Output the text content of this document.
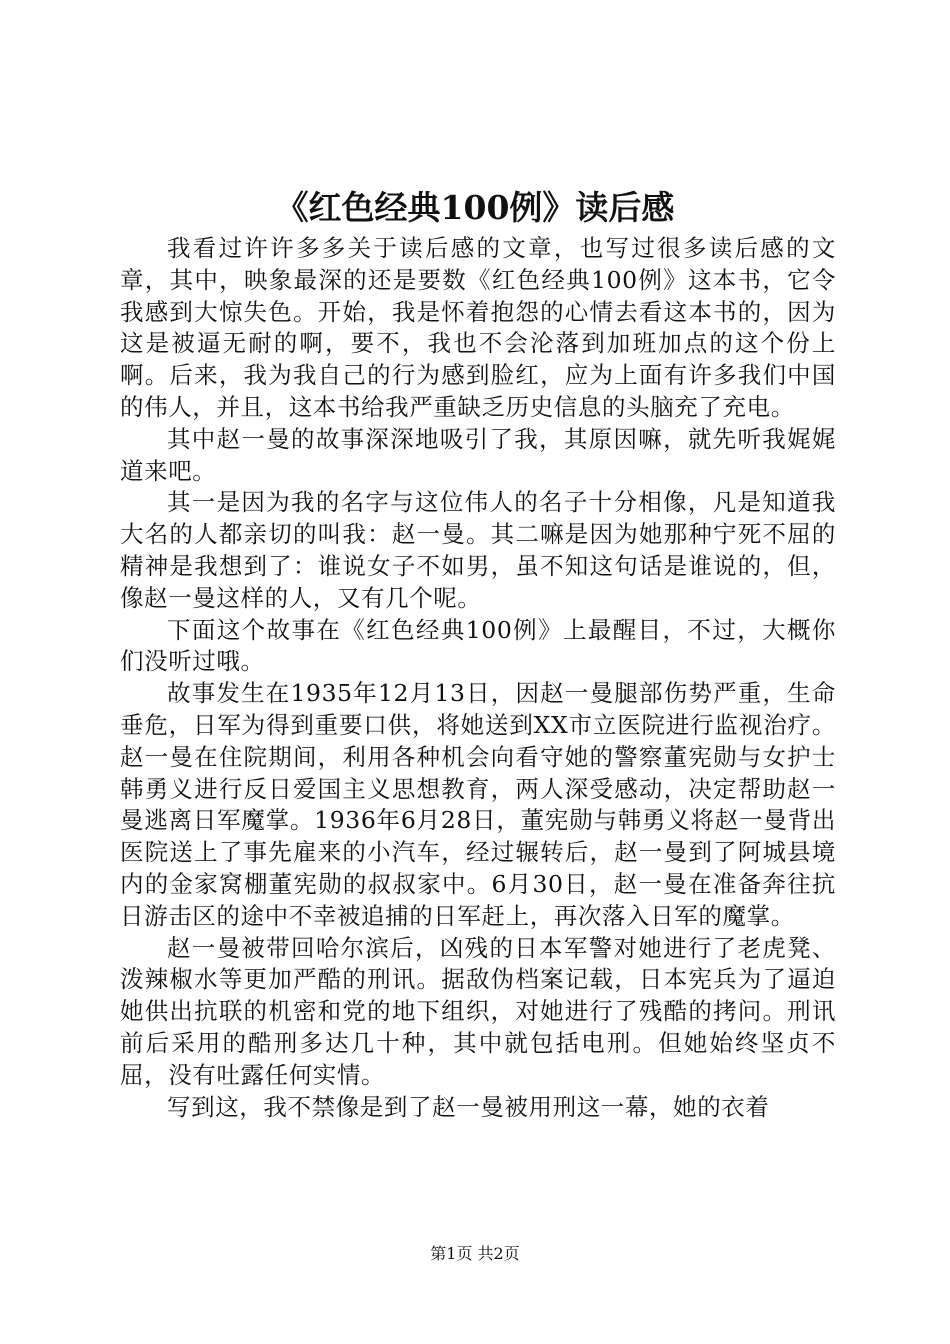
《红色经典100例》读后感

我看过许许多多关于读后感的文章，也写过很多读后感的文章，其中，映象最深的还是要数《红色经典100例》这本书，它令我感到大惊失色。开始，我是怀着抱怨的心情去看这本书的，因为这是被逼无耐的啊，要不，我也不会沦落到加班加点的这个份上啊。后来，我为我自己的行为感到脸红，应为上面有许多我们中国的伟人，并且，这本书给我严重缺乏历史信息的头脑充了充电。

其中赵一曼的故事深深地吸引了我，其原因嘛，就先听我娓娓道来吧。

其一是因为我的名字与这位伟人的名子十分相像，凡是知道我大名的人都亲切的叫我：赵一曼。其二嘛是因为她那种宁死不屈的精神是我想到了：谁说女子不如男，虽不知这句话是谁说的，但，像赵一曼这样的人，又有几个呢。

下面这个故事在《红色经典100例》上最醒目，不过，大概你们没听过哦。

故事发生在1935年12月13日，因赵一曼腿部伤势严重，生命垂危，日军为得到重要口供，将她送到XX市立医院进行监视治疗。赵一曼在住院期间，利用各种机会向看守她的警察董宪勋与女护士韩勇义进行反日爱国主义思想教育，两人深受感动，决定帮助赵一曼逃离日军魔掌。1936年6月28日，董宪勋与韩勇义将赵一曼背出医院送上了事先雇来的小汽车，经过辗转后，赵一曼到了阿城县境内的金家窝棚董宪勋的叔叔家中。6月30日，赵一曼在准备奔往抗日游击区的途中不幸被追捕的日军赶上，再次落入日军的魔掌。

赵一曼被带回哈尔滨后，凶残的日本军警对她进行了老虎凳、泼辣椒水等更加严酷的刑讯。据敌伪档案记载，日本宪兵为了逼迫她供出抗联的机密和党的地下组织，对她进行了残酷的拷问。刑讯前后采用的酷刑多达几十种，其中就包括电刑。但她始终坚贞不屈，没有吐露任何实情。

写到这，我不禁像是到了赵一曼被用刑这一幕，她的衣着

第1页 共2页
